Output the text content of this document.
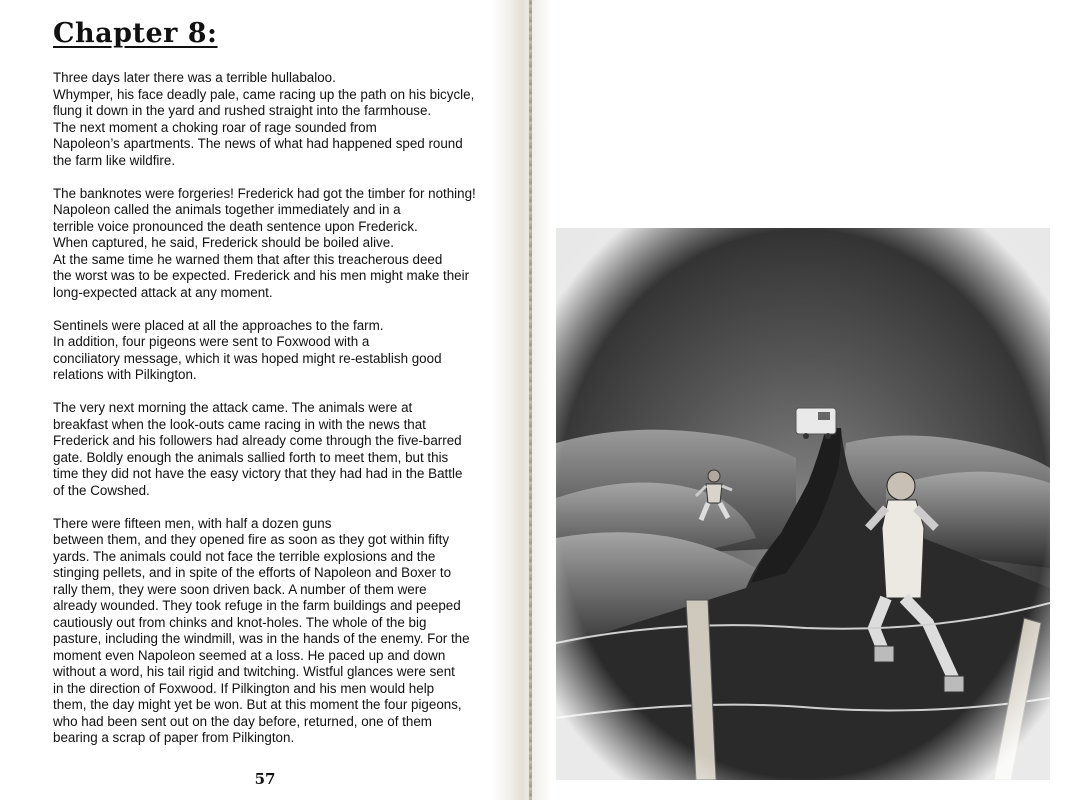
Chapter 8:

Three days later there was a terrible hullabaloo.
Whymper, his face deadly pale, came racing up the path on his bicycle,
flung it down in the yard and rushed straight into the farmhouse.
The next moment a choking roar of rage sounded from
Napoleon’s apartments. The news of what had happened sped round
the farm like wildfire.

The banknotes were forgeries! Frederick had got the timber for nothing!
Napoleon called the animals together immediately and in a
terrible voice pronounced the death sentence upon Frederick.
When captured, he said, Frederick should be boiled alive.
At the same time he warned them that after this treacherous deed
the worst was to be expected. Frederick and his men might make their
long-expected attack at any moment.

Sentinels were placed at all the approaches to the farm.
In addition, four pigeons were sent to Foxwood with a
conciliatory message, which it was hoped might re-establish good
relations with Pilkington.

The very next morning the attack came. The animals were at
breakfast when the look-outs came racing in with the news that
Frederick and his followers had already come through the five-barred
gate. Boldly enough the animals sallied forth to meet them, but this
time they did not have the easy victory that they had had in the Battle
of the Cowshed.

There were fifteen men, with half a dozen guns
between them, and they opened fire as soon as they got within fifty
yards. The animals could not face the terrible explosions and the
stinging pellets, and in spite of the efforts of Napoleon and Boxer to
rally them, they were soon driven back. A number of them were
already wounded. They took refuge in the farm buildings and peeped
cautiously out from chinks and knot-holes. The whole of the big
pasture, including the windmill, was in the hands of the enemy. For the
moment even Napoleon seemed at a loss. He paced up and down
without a word, his tail rigid and twitching. Wistful glances were sent
in the direction of Foxwood. If Pilkington and his men would help
them, the day might yet be won. But at this moment the four pigeons,
who had been sent out on the day before, returned, one of them
bearing a scrap of paper from Pilkington.

57
